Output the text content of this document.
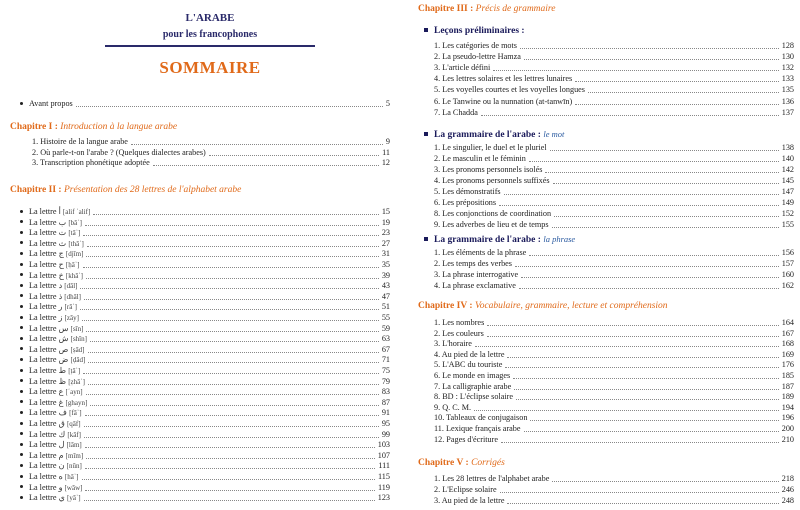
L'ARABE
pour les francophones
SOMMAIRE
Avant propos	5
Chapitre I : Introduction à la langue arabe
1. Histoire de la langue arabe	9
2. Où parle-t-on l'arabe ? (Quelques dialectes arabes)	11
3. Transcription phonétique adoptée	12
Chapitre II : Présentation des 28 lettres de l'alphabet arabe
La lettre أ [alif ʾalif]	15
La lettre ب [bāʾ]	19
La lettre ت [tāʾ]	23
La lettre ث [thāʾ]	27
La lettre ج [djīm]	31
La lettre ح [ḥāʾ]	35
La lettre خ [khāʾ]	39
La lettre د [dāl]	43
La lettre ذ [dhāl]	47
La lettre ر [rāʾ]	51
La lettre ز [zāy]	55
La lettre س [sīn]	59
La lettre ش [shīn]	63
La lettre ص [ṣād]	67
La lettre ض [ḍād]	71
La lettre ط [ṭāʾ]	75
La lettre ظ [ẓhāʾ]	79
La lettre ع [ʿayn]	83
La lettre غ [ghayn]	87
La lettre ف [fāʾ]	91
La lettre ق [qāf]	95
La lettre ك [kāf]	99
La lettre ل [lām]	103
La lettre م [mīm]	107
La lettre ن [nūn]	111
La lettre ه [hāʾ]	115
La lettre و [wāw]	119
La lettre ي [yāʾ]	123
Chapitre III : Précis de grammaire
Leçons préliminaires :
1. Les catégories de mots	128
2. La pseudo-lettre Hamza	130
3. L'article défini	132
4. Les lettres solaires et les lettres lunaires	133
5. Les voyelles courtes et les voyelles longues	135
6. Le Tanwine ou la nunnation (at-tanwīn)	136
7. La Chadda	137
La grammaire de l'arabe : le mot
1. Le singulier, le duel et le pluriel	138
2. Le masculin et le féminin	140
3. Les pronoms personnels isolés	142
4. Les pronoms personnels suffixés	145
5. Les démonstratifs	147
6. Les prépositions	149
8. Les conjonctions de coordination	152
9. Les adverbes de lieu et de temps	155
La grammaire de l'arabe : la phrase
1. Les éléments de la phrase	156
2. Les temps des verbes	157
3. La phrase interrogative	160
4. La phrase exclamative	162
Chapitre IV : Vocabulaire, grammaire, lecture et compréhension
1. Les nombres	164
2. Les couleurs	167
3. L'horaire	168
4. Au pied de la lettre	169
5. L'ABC du touriste	176
6. Le monde en images	185
7. La calligraphie arabe	187
8. BD : L'éclipse solaire	189
9. Q. C. M.	194
10. Tableaux de conjugaison	196
11. Lexique français arabe	200
12. Pages d'écriture	210
Chapitre V : Corrigés
1. Les 28 lettres de l'alphabet arabe	218
2. L'Eclipse solaire	246
3. Au pied de la lettre	248
